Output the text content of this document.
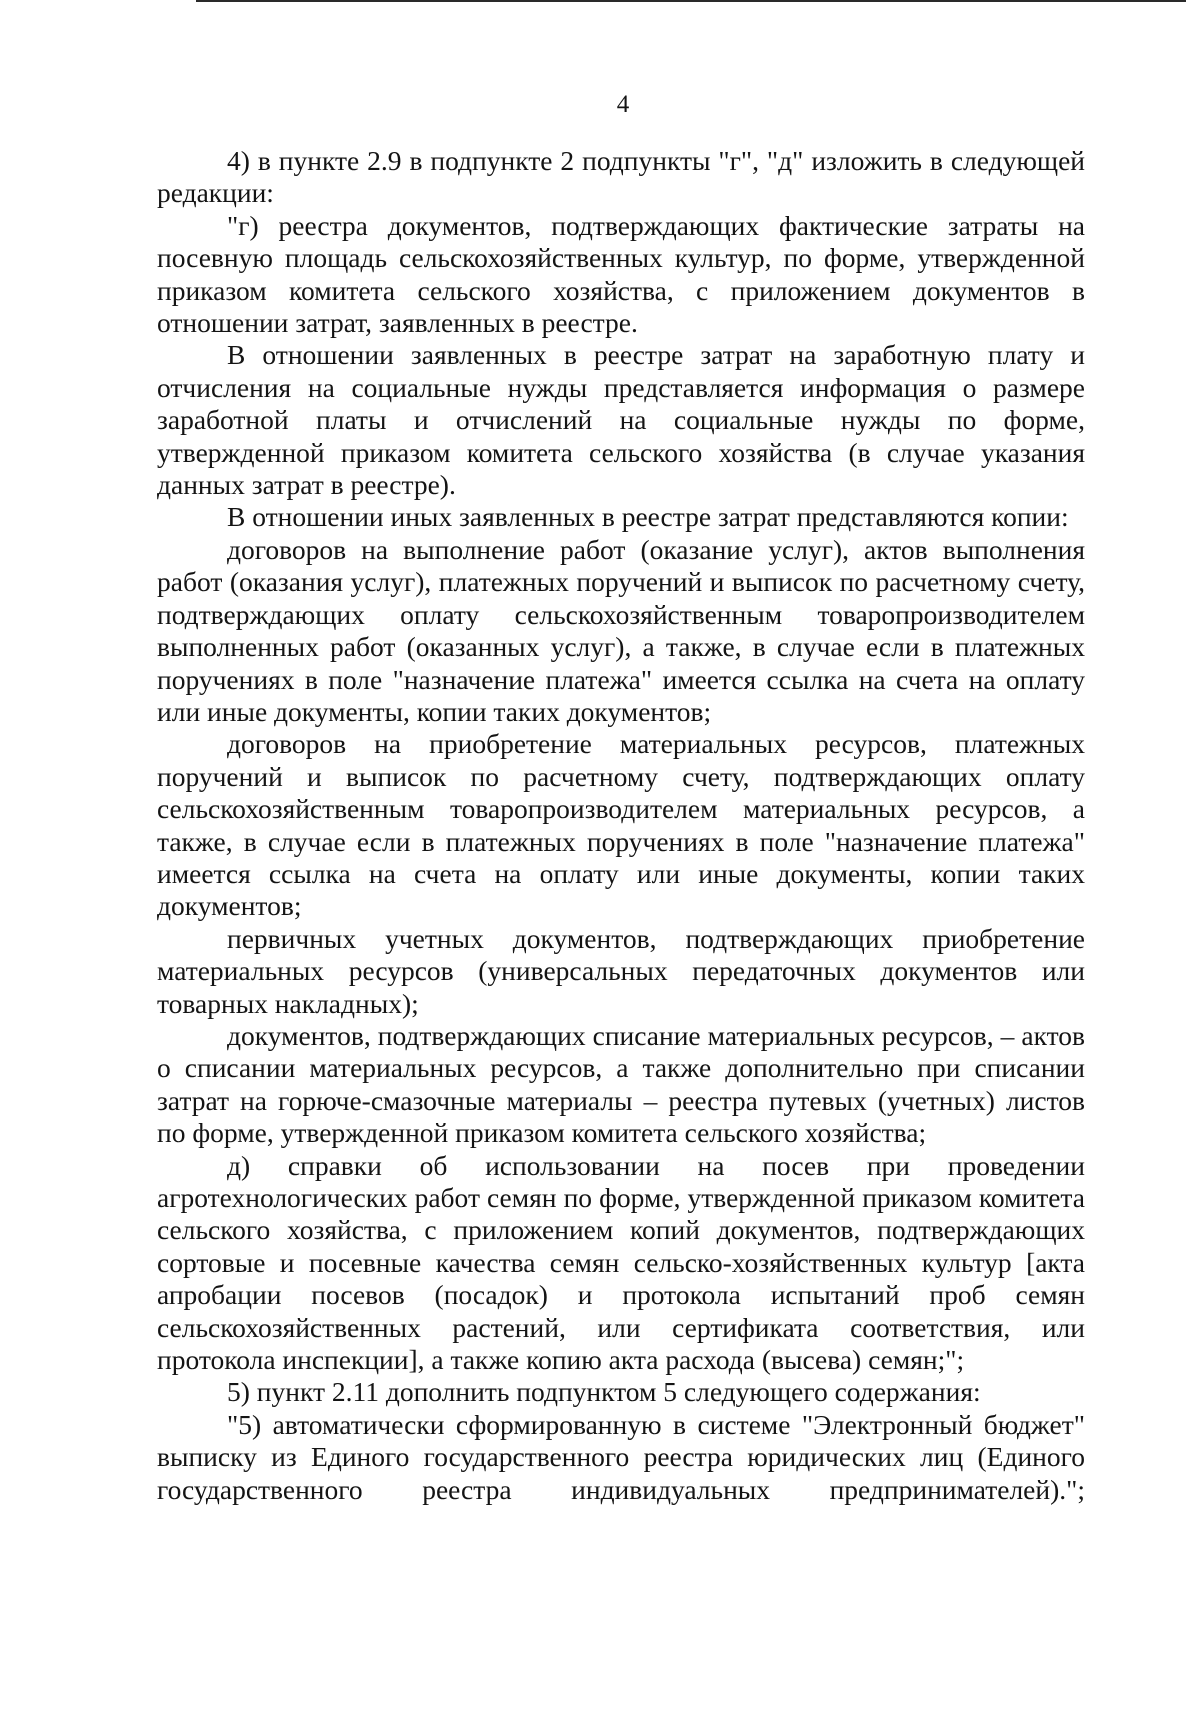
4

4) в пункте 2.9 в подпункте 2 подпункты "г", "д" изложить в следующей редакции:

"г) реестра документов, подтверждающих фактические затраты на посевную площадь сельскохозяйственных культур, по форме, утвержденной приказом комитета сельского хозяйства, с приложением документов в отношении затрат, заявленных в реестре.

В отношении заявленных в реестре затрат на заработную плату и отчисления на социальные нужды представляется информация о размере заработной платы и отчислений на социальные нужды по форме, утвержденной приказом комитета сельского хозяйства (в случае указания данных затрат в реестре).

В отношении иных заявленных в реестре затрат представляются копии:

договоров на выполнение работ (оказание услуг), актов выполнения работ (оказания услуг), платежных поручений и выписок по расчетному счету, подтверждающих оплату сельскохозяйственным товаропроизводителем выполненных работ (оказанных услуг), а также, в случае если в платежных поручениях в поле "назначение платежа" имеется ссылка на счета на оплату или иные документы, копии таких документов;

договоров на приобретение материальных ресурсов, платежных поручений и выписок по расчетному счету, подтверждающих оплату сельскохозяйственным товаропроизводителем материальных ресурсов, а также, в случае если в платежных поручениях в поле "назначение платежа" имеется ссылка на счета на оплату или иные документы, копии таких документов;

первичных учетных документов, подтверждающих приобретение материальных ресурсов (универсальных передаточных документов или товарных накладных);

документов, подтверждающих списание материальных ресурсов, – актов о списании материальных ресурсов, а также дополнительно при списании затрат на горюче-смазочные материалы – реестра путевых (учетных) листов по форме, утвержденной приказом комитета сельского хозяйства;

д) справки об использовании на посев при проведении агротехнологических работ семян по форме, утвержденной приказом комитета сельского хозяйства, с приложением копий документов, подтверждающих сортовые и посевные качества семян сельско-хозяйственных культур [акта апробации посевов (посадок) и протокола испытаний проб семян сельскохозяйственных растений, или сертификата соответствия, или протокола инспекции], а также копию акта расхода (высева) семян;";

5) пункт 2.11 дополнить подпунктом 5 следующего содержания:

"5) автоматически сформированную в системе "Электронный бюджет" выписку из Единого государственного реестра юридических лиц (Единого государственного реестра индивидуальных предпринимателей).";
